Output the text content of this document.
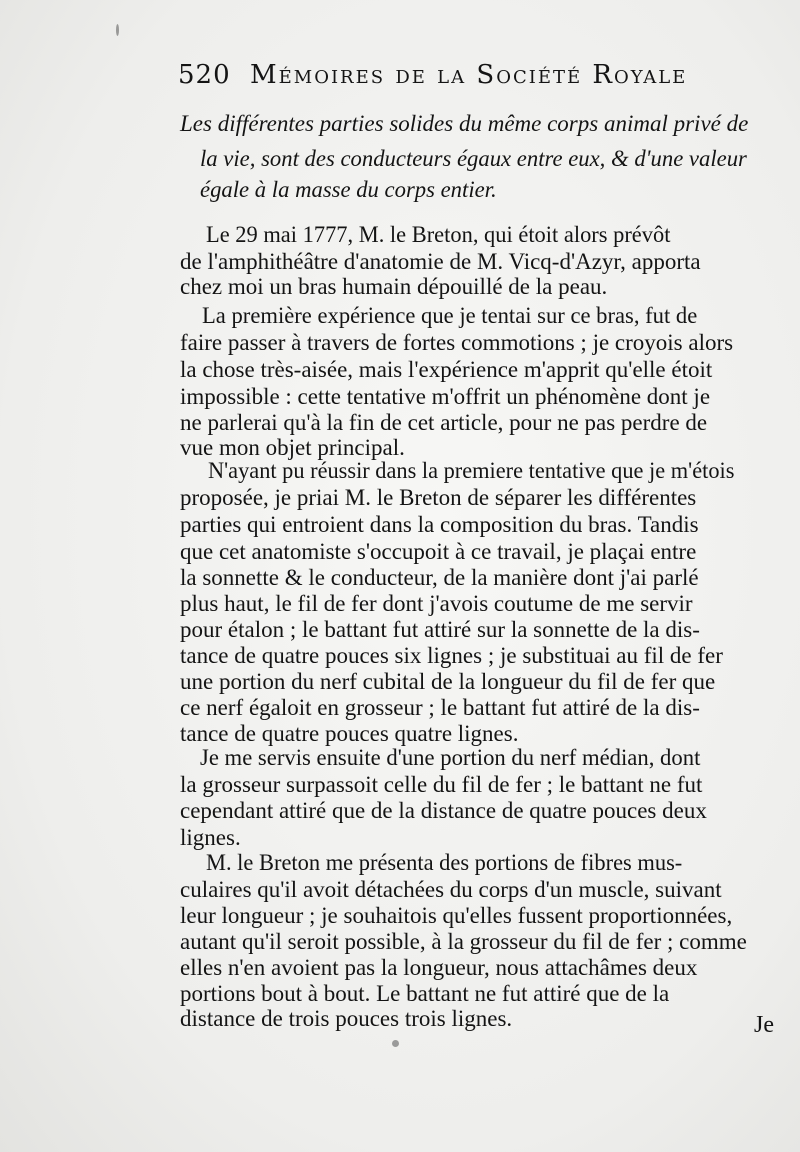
520 Mémoires de la Société Royale
Les différentes parties solides du même corps animal privé de
la vie, sont des conducteurs égaux entre eux, & d'une valeur
égale à la masse du corps entier.
Le 29 mai 1777, M. le Breton, qui étoit alors prévôt
de l'amphithéâtre d'anatomie de M. Vicq-d'Azyr, apporta
chez moi un bras humain dépouillé de la peau.
La première expérience que je tentai sur ce bras, fut de
faire passer à travers de fortes commotions ; je croyois alors
la chose très-aisée, mais l'expérience m'apprit qu'elle étoit
impossible : cette tentative m'offrit un phénomène dont je
ne parlerai qu'à la fin de cet article, pour ne pas perdre de
vue mon objet principal.
N'ayant pu réussir dans la premiere tentative que je m'étois
proposée, je priai M. le Breton de séparer les différentes
parties qui entroient dans la composition du bras. Tandis
que cet anatomiste s'occupoit à ce travail, je plaçai entre
la sonnette & le conducteur, de la manière dont j'ai parlé
plus haut, le fil de fer dont j'avois coutume de me servir
pour étalon ; le battant fut attiré sur la sonnette de la dis-
tance de quatre pouces six lignes ; je substituai au fil de fer
une portion du nerf cubital de la longueur du fil de fer que
ce nerf égaloit en grosseur ; le battant fut attiré de la dis-
tance de quatre pouces quatre lignes.
Je me servis ensuite d'une portion du nerf médian, dont
la grosseur surpassoit celle du fil de fer ; le battant ne fut
cependant attiré que de la distance de quatre pouces deux
lignes.
M. le Breton me présenta des portions de fibres mus-
culaires qu'il avoit détachées du corps d'un muscle, suivant
leur longueur ; je souhaitois qu'elles fussent proportionnées,
autant qu'il seroit possible, à la grosseur du fil de fer ; comme
elles n'en avoient pas la longueur, nous attachâmes deux
portions bout à bout. Le battant ne fut attiré que de la
distance de trois pouces trois lignes.	Je
